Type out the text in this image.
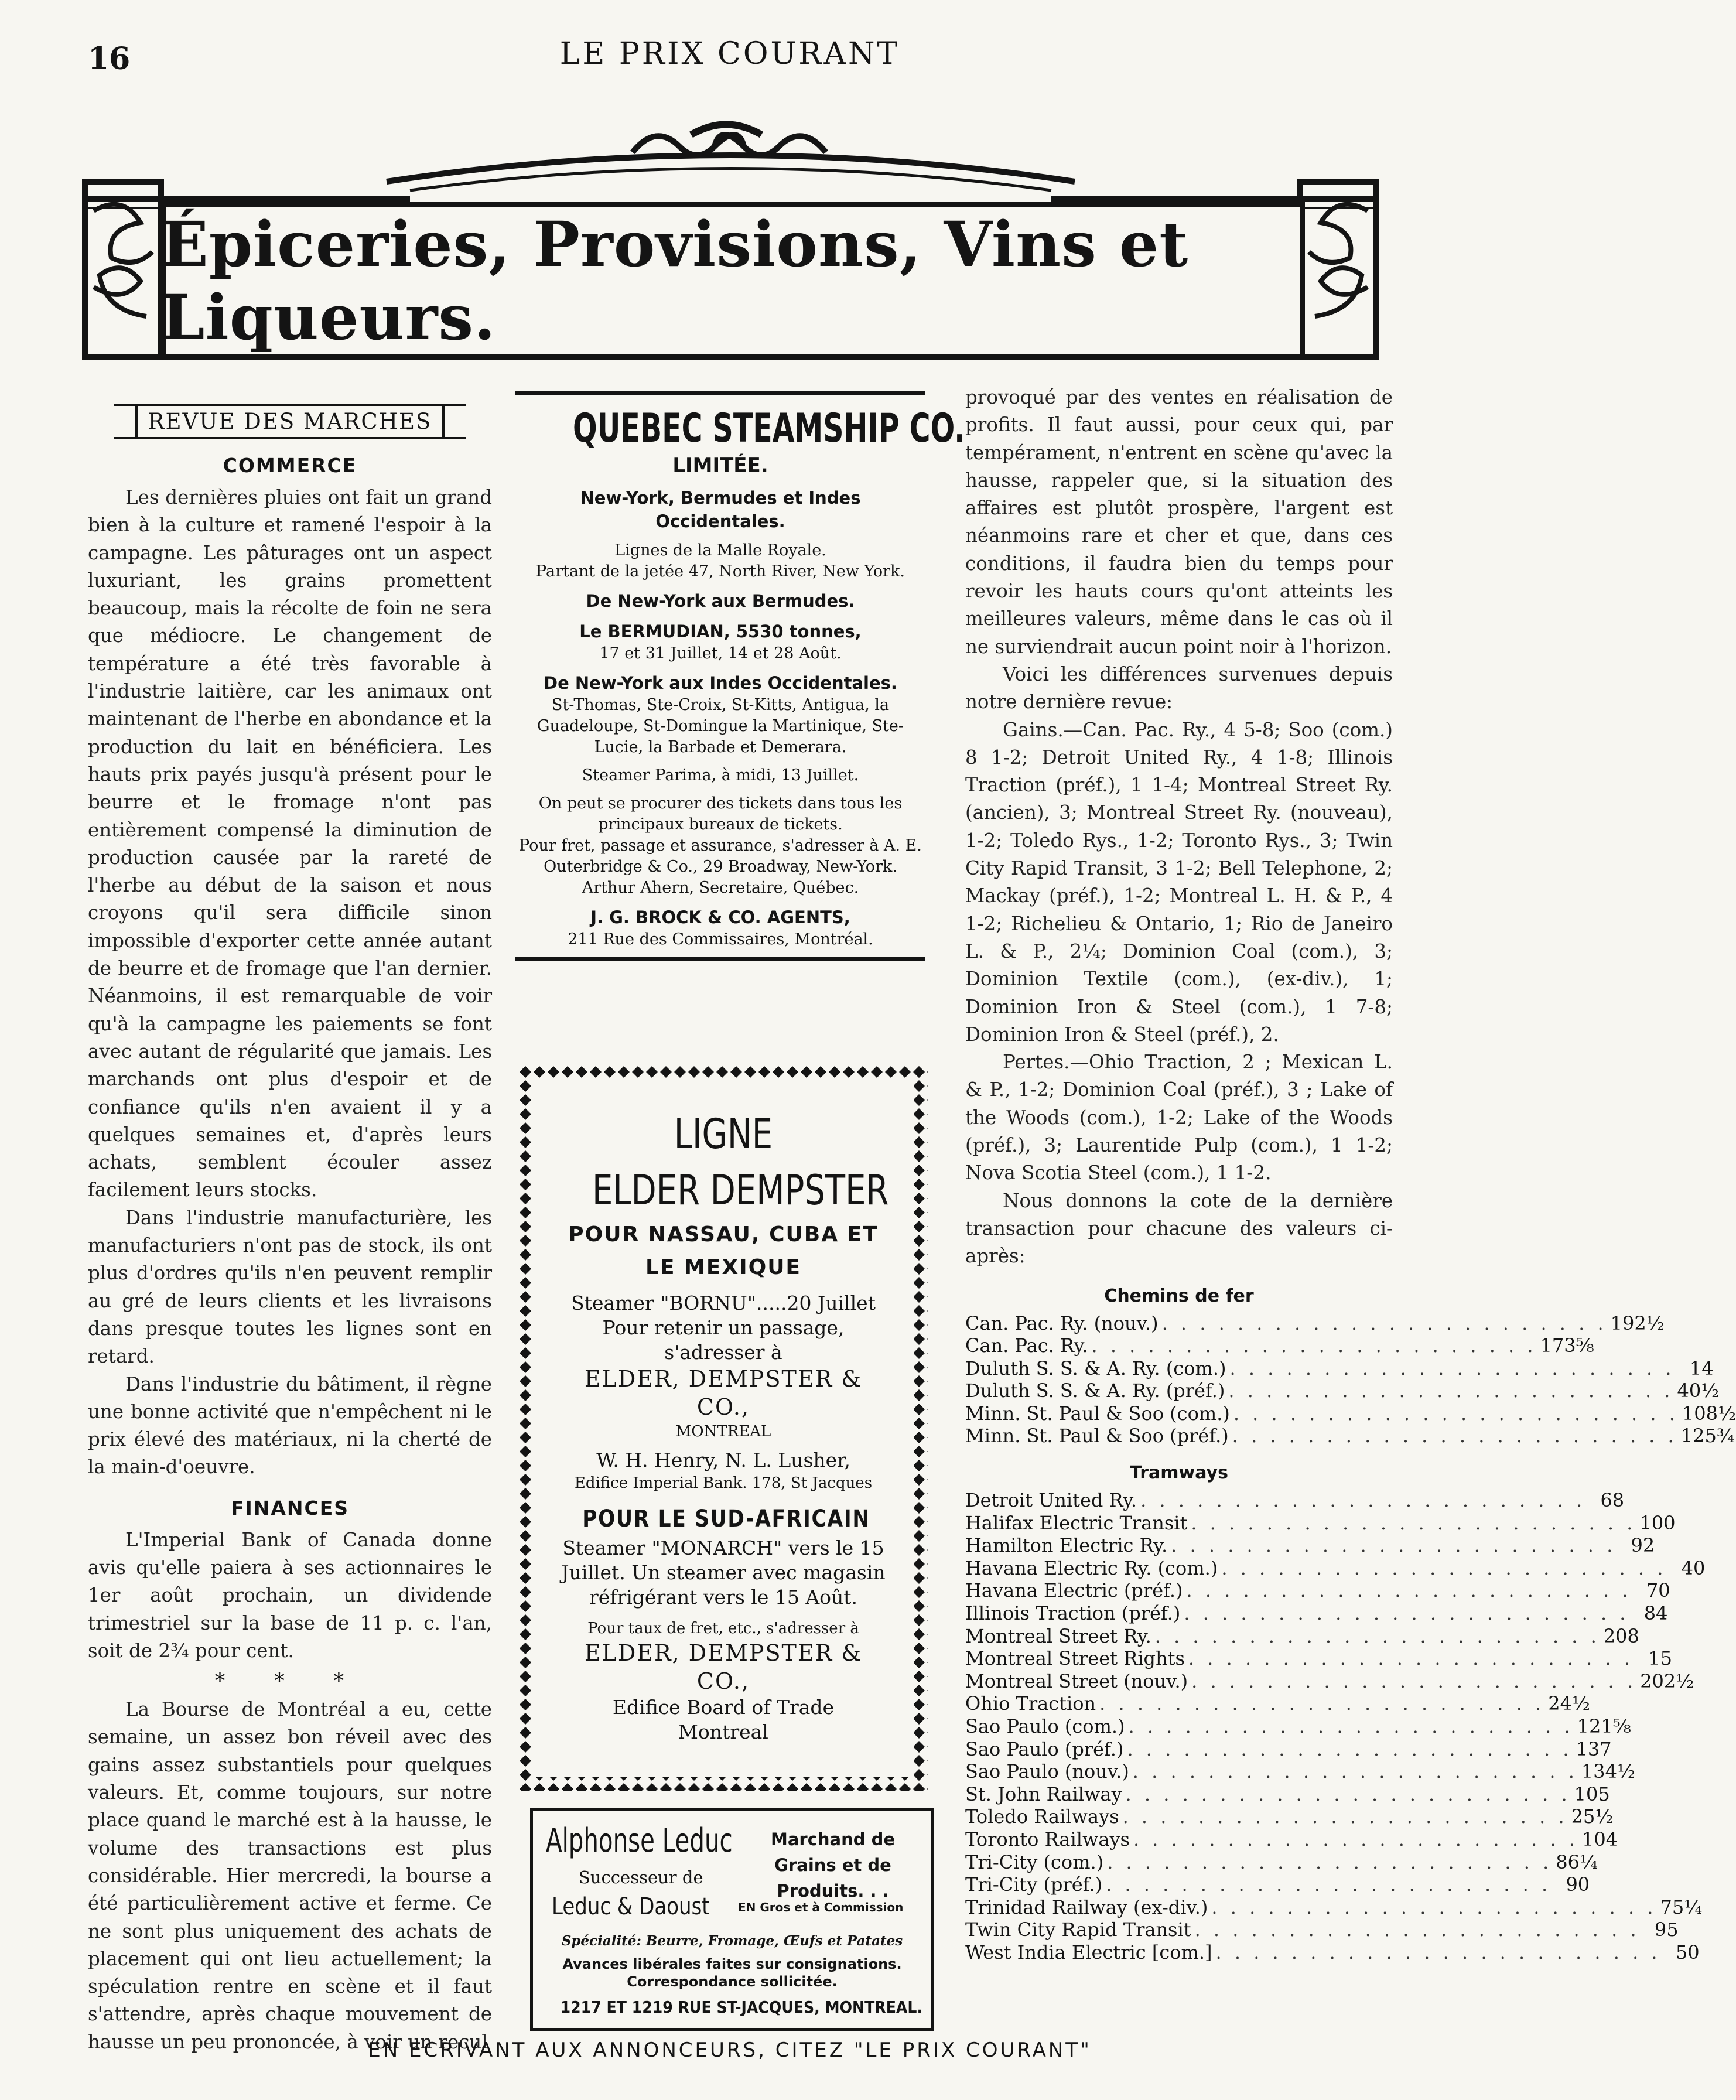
16	LE PRIX COURANT
Épiceries, Provisions, Vins et Liqueurs.
REVUE DES MARCHES
COMMERCE

Les dernières pluies ont fait un grand bien à la culture et ramené l'espoir à la campagne. Les pâturages ont un aspect luxuriant, les grains promettent beaucoup, mais la récolte de foin ne sera que médiocre. Le changement de température a été très favorable à l'industrie laitière, car les animaux ont maintenant de l'herbe en abondance et la production du lait en bénéficiera. Les hauts prix payés jusqu'à présent pour le beurre et le fromage n'ont pas entièrement compensé la diminution de production causée par la rareté de l'herbe au début de la saison et nous croyons qu'il sera difficile sinon impossible d'exporter cette année autant de beurre et de fromage que l'an dernier. Néanmoins, il est remarquable de voir qu'à la campagne les paiements se font avec autant de régularité que jamais. Les marchands ont plus d'espoir et de confiance qu'ils n'en avaient il y a quelques semaines et, d'après leurs achats, semblent écouler assez facilement leurs stocks.

Dans l'industrie manufacturière, les manufacturiers n'ont pas de stock, ils ont plus d'ordres qu'ils n'en peuvent remplir au gré de leurs clients et les livraisons dans presque toutes les lignes sont en retard.

Dans l'industrie du bâtiment, il règne une bonne activité que n'empêchent ni le prix élevé des matériaux, ni la cherté de la main-d'oeuvre.

FINANCES

L'Imperial Bank of Canada donne avis qu'elle paiera à ses actionnaires le 1er août prochain, un dividende trimestriel sur la base de 11 p. c. l'an, soit de 2¾ pour cent.

* * *

La Bourse de Montréal a eu, cette semaine, un assez bon réveil avec des gains assez substantiels pour quelques valeurs. Et, comme toujours, sur notre place quand le marché est à la hausse, le volume des transactions est plus considérable. Hier mercredi, la bourse a été particulièrement active et ferme. Ce ne sont plus uniquement des achats de placement qui ont lieu actuellement; la spéculation rentre en scène et il faut s'attendre, après chaque mouvement de hausse un peu prononcée, à voir un recul

QUEBEC STEAMSHIP CO.
LIMITÉE.
New-York, Bermudes et Indes Occidentales.
Lignes de la Malle Royale.
Partant de la jetée 47, North River, New York.
De New-York aux Bermudes.
Le BERMUDIAN, 5530 tonnes,
17 et 31 Juillet, 14 et 28 Août.
De New-York aux Indes Occidentales.
St-Thomas, Ste-Croix, St-Kitts, Antigua, la Guadeloupe, St-Domingue la Martinique, Ste-Lucie, la Barbade et Demerara.
Steamer Parima, à midi, 13 Juillet.
On peut se procurer des tickets dans tous les principaux bureaux de tickets.
Pour fret, passage et assurance, s'adresser à A. E. Outerbridge & Co., 29 Broadway, New-York. Arthur Ahern, Secretaire, Québec.
J. G. BROCK & CO. AGENTS,
211 Rue des Commissaires, Montréal.
LIGNE
ELDER DEMPSTER
POUR NASSAU, CUBA ET LE MEXIQUE
Steamer "BORNU".....20 Juillet
Pour retenir un passage, s'adresser à
ELDER, DEMPSTER & CO.,
MONTREAL
W. H. Henry, N. L. Lusher,
Edifice Imperial Bank. 178, St Jacques
POUR LE SUD-AFRICAIN
Steamer "MONARCH" vers le 15 Juillet. Un steamer avec magasin réfrigérant vers le 15 Août.
Pour taux de fret, etc., s'adresser à
ELDER, DEMPSTER & CO.,
Edifice Board of Trade
Montreal
Alphonse Leduc	Marchand de Grains et de Produits. . .
Successeur de
Leduc & Daoust EN Gros et à Commission
Spécialité: Beurre, Fromage, Œufs et Patates
Avances libérales faites sur consignations. Correspondance sollicitée.
1217 ET 1219 RUE ST-JACQUES, MONTREAL.

provoqué par des ventes en réalisation de profits. Il faut aussi, pour ceux qui, par tempérament, n'entrent en scène qu'avec la hausse, rappeler que, si la situation des affaires est plutôt prospère, l'argent est néanmoins rare et cher et que, dans ces conditions, il faudra bien du temps pour revoir les hauts cours qu'ont atteints les meilleures valeurs, même dans le cas où il ne surviendrait aucun point noir à l'horizon.

Voici les différences survenues depuis notre dernière revue:

Gains.—Can. Pac. Ry., 4 5-8; Soo (com.) 8 1-2; Detroit United Ry., 4 1-8; Illinois Traction (préf.), 1 1-4; Montreal Street Ry. (ancien), 3; Montreal Street Ry. (nouveau), 1-2; Toledo Rys., 1-2; Toronto Rys., 3; Twin City Rapid Transit, 3 1-2; Bell Telephone, 2; Mackay (préf.), 1-2; Montreal L. H. & P., 4 1-2; Richelieu & Ontario, 1; Rio de Janeiro L. & P., 2¼; Dominion Coal (com.), 3; Dominion Textile (com.), (ex-div.), 1; Dominion Iron & Steel (com.), 1 7-8; Dominion Iron & Steel (préf.), 2.

Pertes.—Ohio Traction, 2 ; Mexican L. & P., 1-2; Dominion Coal (préf.), 3 ; Lake of the Woods (com.), 1-2; Lake of the Woods (préf.), 3; Laurentide Pulp (com.), 1 1-2; Nova Scotia Steel (com.), 1 1-2.

Nous donnons la cote de la dernière transaction pour chacune des valeurs ci-après:

Chemins de fer
Can. Pac. Ry. (nouv.) . . . . . . . . . . . . . . . . . . . . . . . . 192½
Can. Pac. Ry. . . . . . . . . . . . . . . . . . . . . . . . . 173⅝
Duluth S. S. & A. Ry. (com.) . . . . . . . . . . . . . . . . . . . . . . . . 14
Duluth S. S. & A. Ry. (préf.) . . . . . . . . . . . . . . . . . . . . . . . . 40½
Minn. St. Paul & Soo (com.) . . . . . . . . . . . . . . . . . . . . . . . . 108½
Minn. St. Paul & Soo (préf.) . . . . . . . . . . . . . . . . . . . . . . . . 125¾
Tramways
Detroit United Ry. . . . . . . . . . . . . . . . . . . . . . . . . 68
Halifax Electric Transit . . . . . . . . . . . . . . . . . . . . . . . . 100
Hamilton Electric Ry. . . . . . . . . . . . . . . . . . . . . . . . . 92
Havana Electric Ry. (com.) . . . . . . . . . . . . . . . . . . . . . . . . 40
Havana Electric (préf.) . . . . . . . . . . . . . . . . . . . . . . . . 70
Illinois Traction (préf.) . . . . . . . . . . . . . . . . . . . . . . . . 84
Montreal Street Ry. . . . . . . . . . . . . . . . . . . . . . . . . 208
Montreal Street Rights . . . . . . . . . . . . . . . . . . . . . . . . 15
Montreal Street (nouv.) . . . . . . . . . . . . . . . . . . . . . . . . 202½
Ohio Traction . . . . . . . . . . . . . . . . . . . . . . . . 24½
Sao Paulo (com.) . . . . . . . . . . . . . . . . . . . . . . . . 121⅝
Sao Paulo (préf.) . . . . . . . . . . . . . . . . . . . . . . . . 137
Sao Paulo (nouv.) . . . . . . . . . . . . . . . . . . . . . . . . 134½
St. John Railway . . . . . . . . . . . . . . . . . . . . . . . . 105
Toledo Railways . . . . . . . . . . . . . . . . . . . . . . . . 25½
Toronto Railways . . . . . . . . . . . . . . . . . . . . . . . . 104
Tri-City (com.) . . . . . . . . . . . . . . . . . . . . . . . . 86¼
Tri-City (préf.) . . . . . . . . . . . . . . . . . . . . . . . . 90
Trinidad Railway (ex-div.) . . . . . . . . . . . . . . . . . . . . . . . . 75¼
Twin City Rapid Transit . . . . . . . . . . . . . . . . . . . . . . . . 95
West India Electric [com.] . . . . . . . . . . . . . . . . . . . . . . . . 50
EN ECRIVANT AUX ANNONCEURS, CITEZ "LE PRIX COURANT"
